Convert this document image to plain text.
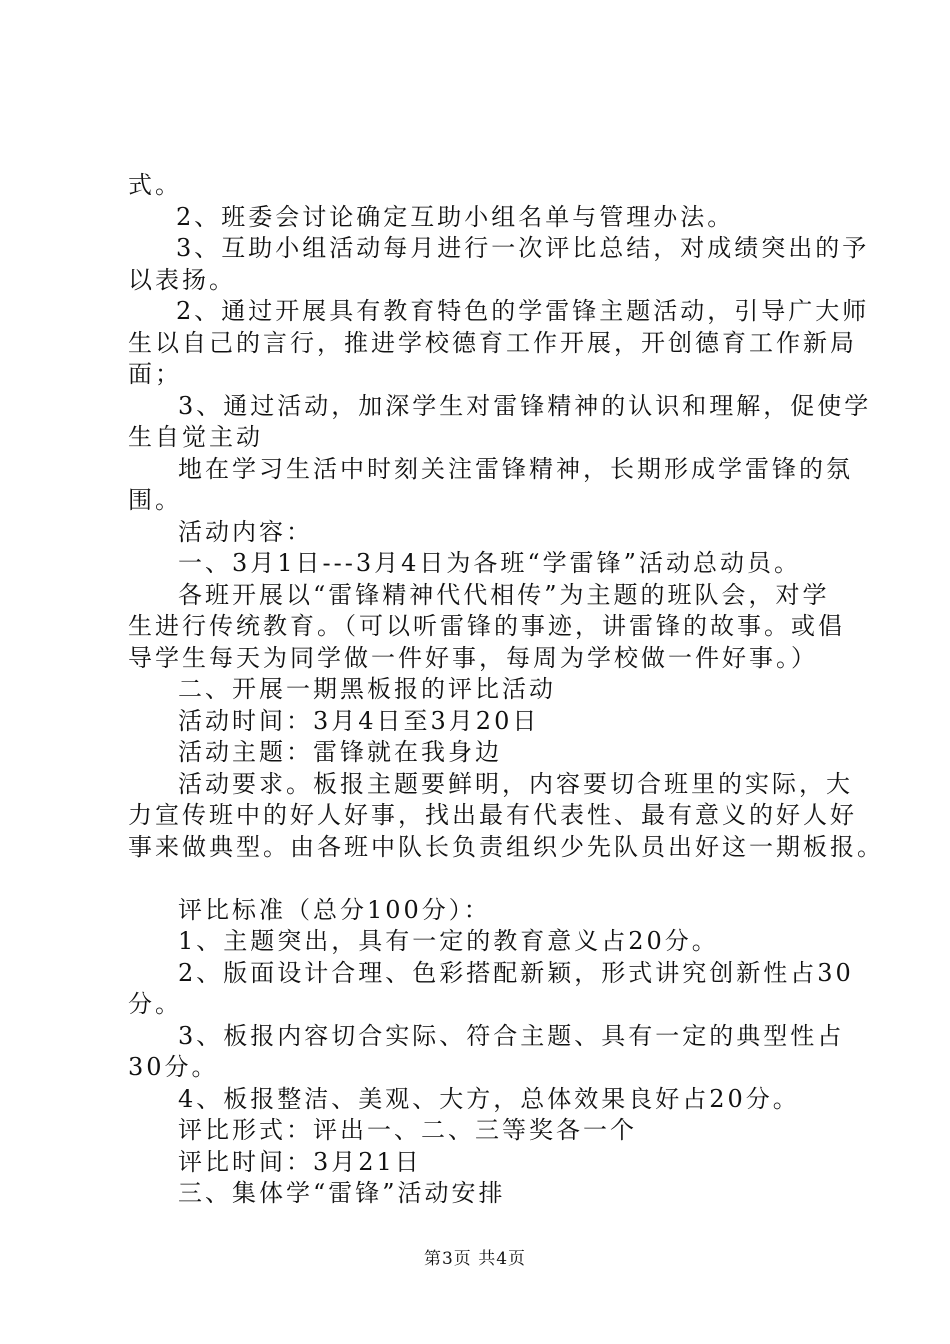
式。
2、班委会讨论确定互助小组名单与管理办法。
3、互助小组活动每月进行一次评比总结，对成绩突出的予
以表扬。
2、通过开展具有教育特色的学雷锋主题活动，引导广大师
生以自己的言行，推进学校德育工作开展，开创德育工作新局
面；
3、通过活动，加深学生对雷锋精神的认识和理解，促使学
生自觉主动
地在学习生活中时刻关注雷锋精神，长期形成学雷锋的氛
围。
活动内容：
一、3月1日---3月4日为各班“学雷锋”活动总动员。
各班开展以“雷锋精神代代相传”为主题的班队会，对学
生进行传统教育。（可以听雷锋的事迹，讲雷锋的故事。或倡
导学生每天为同学做一件好事，每周为学校做一件好事。）
二、开展一期黑板报的评比活动
活动时间：3月4日至3月20日
活动主题：雷锋就在我身边
活动要求。板报主题要鲜明，内容要切合班里的实际，大
力宣传班中的好人好事，找出最有代表性、最有意义的好人好
事来做典型。由各班中队长负责组织少先队员出好这一期板报。
评比标准（总分100分）：
1、主题突出，具有一定的教育意义占20分。
2、版面设计合理、色彩搭配新颖，形式讲究创新性占30
分。
3、板报内容切合实际、符合主题、具有一定的典型性占
30分。
4、板报整洁、美观、大方，总体效果良好占20分。
评比形式：评出一、二、三等奖各一个
评比时间：3月21日
三、集体学“雷锋”活动安排
第3页 共4页
